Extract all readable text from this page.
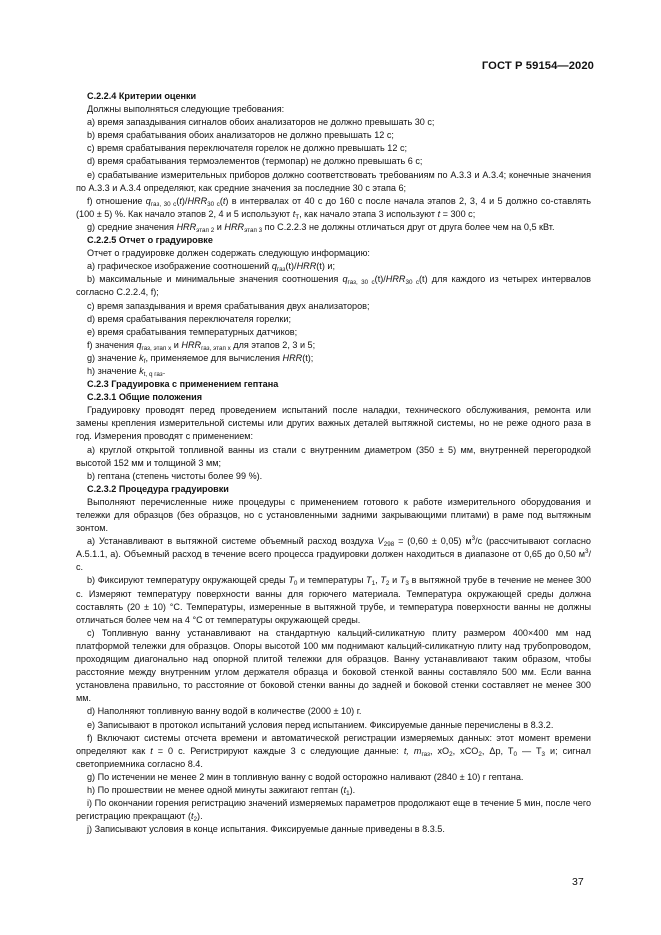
ГОСТ Р 59154—2020

С.2.2.4 Критерии оценки

Должны выполняться следующие требования:

а) время запаздывания сигналов обоих анализаторов не должно превышать 30 с;

b) время срабатывания обоих анализаторов не должно превышать 12 с;

с) время срабатывания переключателя горелок не должно превышать 12 с;

d) время срабатывания термоэлементов (термопар) не должно превышать 6 с;

е) срабатывание измерительных приборов должно соответствовать требованиям по А.3.3 и А.3.4; конечные значения по А.3.3 и А.3.4 определяют, как средние значения за последние 30 с этапа 6;

f) отношение $q_{газ, 30 с}(t)/HRR_{30 с}(t)$ в интервалах от 40 с до 160 с после начала этапов 2, 3, 4 и 5 должно со-ставлять (100 ± 5) %. Как начало этапов 2, 4 и 5 используют $t_T$, как начало этапа 3 используют t = 300 с;

g) средние значения $HRR_{этап 2}$ и $HRR_{этап 3}$ по С.2.2.3 не должны отличаться друг от друга более чем на 0,5 кВт.

С.2.2.5 Отчет о градуировке

Отчет о градуировке должен содержать следующую информацию:

а) графическое изображение соотношений $q_{газ}(t)/HRR(t)$ и;

b) максимальные и минимальные значения соотношения $q_{газ, 30 с}(t)/HRR_{30 с}(t)$ для каждого из четырех интервалов согласно С.2.2.4, f);

с) время запаздывания и время срабатывания двух анализаторов;

d) время срабатывания переключателя горелки;

е) время срабатывания температурных датчиков;

f) значения $q_{газ, этап x}$ и $HRR_{газ, этап x}$ для этапов 2, 3 и 5;

g) значение $k_f$, применяемое для вычисления HRR(t);

h) значение $k_{t, q газ}$.

С.2.3 Градуировка с применением гептана

С.2.3.1 Общие положения

Градуировку проводят перед проведением испытаний после наладки, технического обслуживания, ремонта или замены крепления измерительной системы или других важных деталей вытяжной системы, но не реже одного раза в год. Измерения проводят с применением:

а) круглой открытой топливной ванны из стали с внутренним диаметром (350 ± 5) мм, внутренней перегородкой высотой 152 мм и толщиной 3 мм;

b) гептана (степень чистоты более 99 %).

С.2.3.2 Процедура градуировки

Выполняют перечисленные ниже процедуры с применением готового к работе измерительного оборудования и тележки для образцов (без образцов, но с установленными задними закрывающими плитами) в раме под вытяжным зонтом.

а) Устанавливают в вытяжной системе объемный расход воздуха $V_{298} = (0,60 \pm 0,05)$ $м^3/с$ (рассчитывают согласно А.5.1.1, а). Объемный расход в течение всего процесса градуировки должен находиться в диапазоне от 0,65 до 0,50 $м^3/с$.

b) Фиксируют температуру окружающей среды $T_0$ и температуры $T_1$, $T_2$ и $T_3$ в вытяжной трубе в течение не менее 300 с. Измеряют температуру поверхности ванны для горючего материала. Температура окружающей среды должна составлять (20 ± 10) °С. Температуры, измеренные в вытяжной трубе, и температура поверхности ванны не должны отличаться более чем на 4 °С от температуры окружающей среды.

с) Топливную ванну устанавливают на стандартную кальций-силикатную плиту размером 400×400 мм над платформой тележки для образцов. Опоры высотой 100 мм поднимают кальций-силикатную плиту над трубопроводом, проходящим диагонально над опорной плитой тележки для образцов. Ванну устанавливают таким образом, чтобы расстояние между внутренним углом держателя образца и боковой стенкой ванны составляло 500 мм. Если ванна установлена правильно, то расстояние от боковой стенки ванны до задней и боковой стенки составляет не менее 300 мм.

d) Наполняют топливную ванну водой в количестве (2000 ± 10) г.

е) Записывают в протокол испытаний условия перед испытанием. Фиксируемые данные перечислены в 8.3.2.

f) Включают системы отсчета времени и автоматической регистрации измеряемых данных: этот момент времени определяют как t = 0 с. Регистрируют каждые 3 с следующие данные: t, $m_{газ}$, $xO_2$, xCO$_2$, Δp, $T_0$ — $T_3$ и; сигнал светоприемника согласно 8.4.

g) По истечении не менее 2 мин в топливную ванну с водой осторожно наливают (2840 ± 10) г гептана.

h) По прошествии не менее одной минуты зажигают гептан $(t_1)$.

i) По окончании горения регистрацию значений измеряемых параметров продолжают еще в течение 5 мин, после чего регистрацию прекращают $(t_2)$.

j) Записывают условия в конце испытания. Фиксируемые данные приведены в 8.3.5.

37
